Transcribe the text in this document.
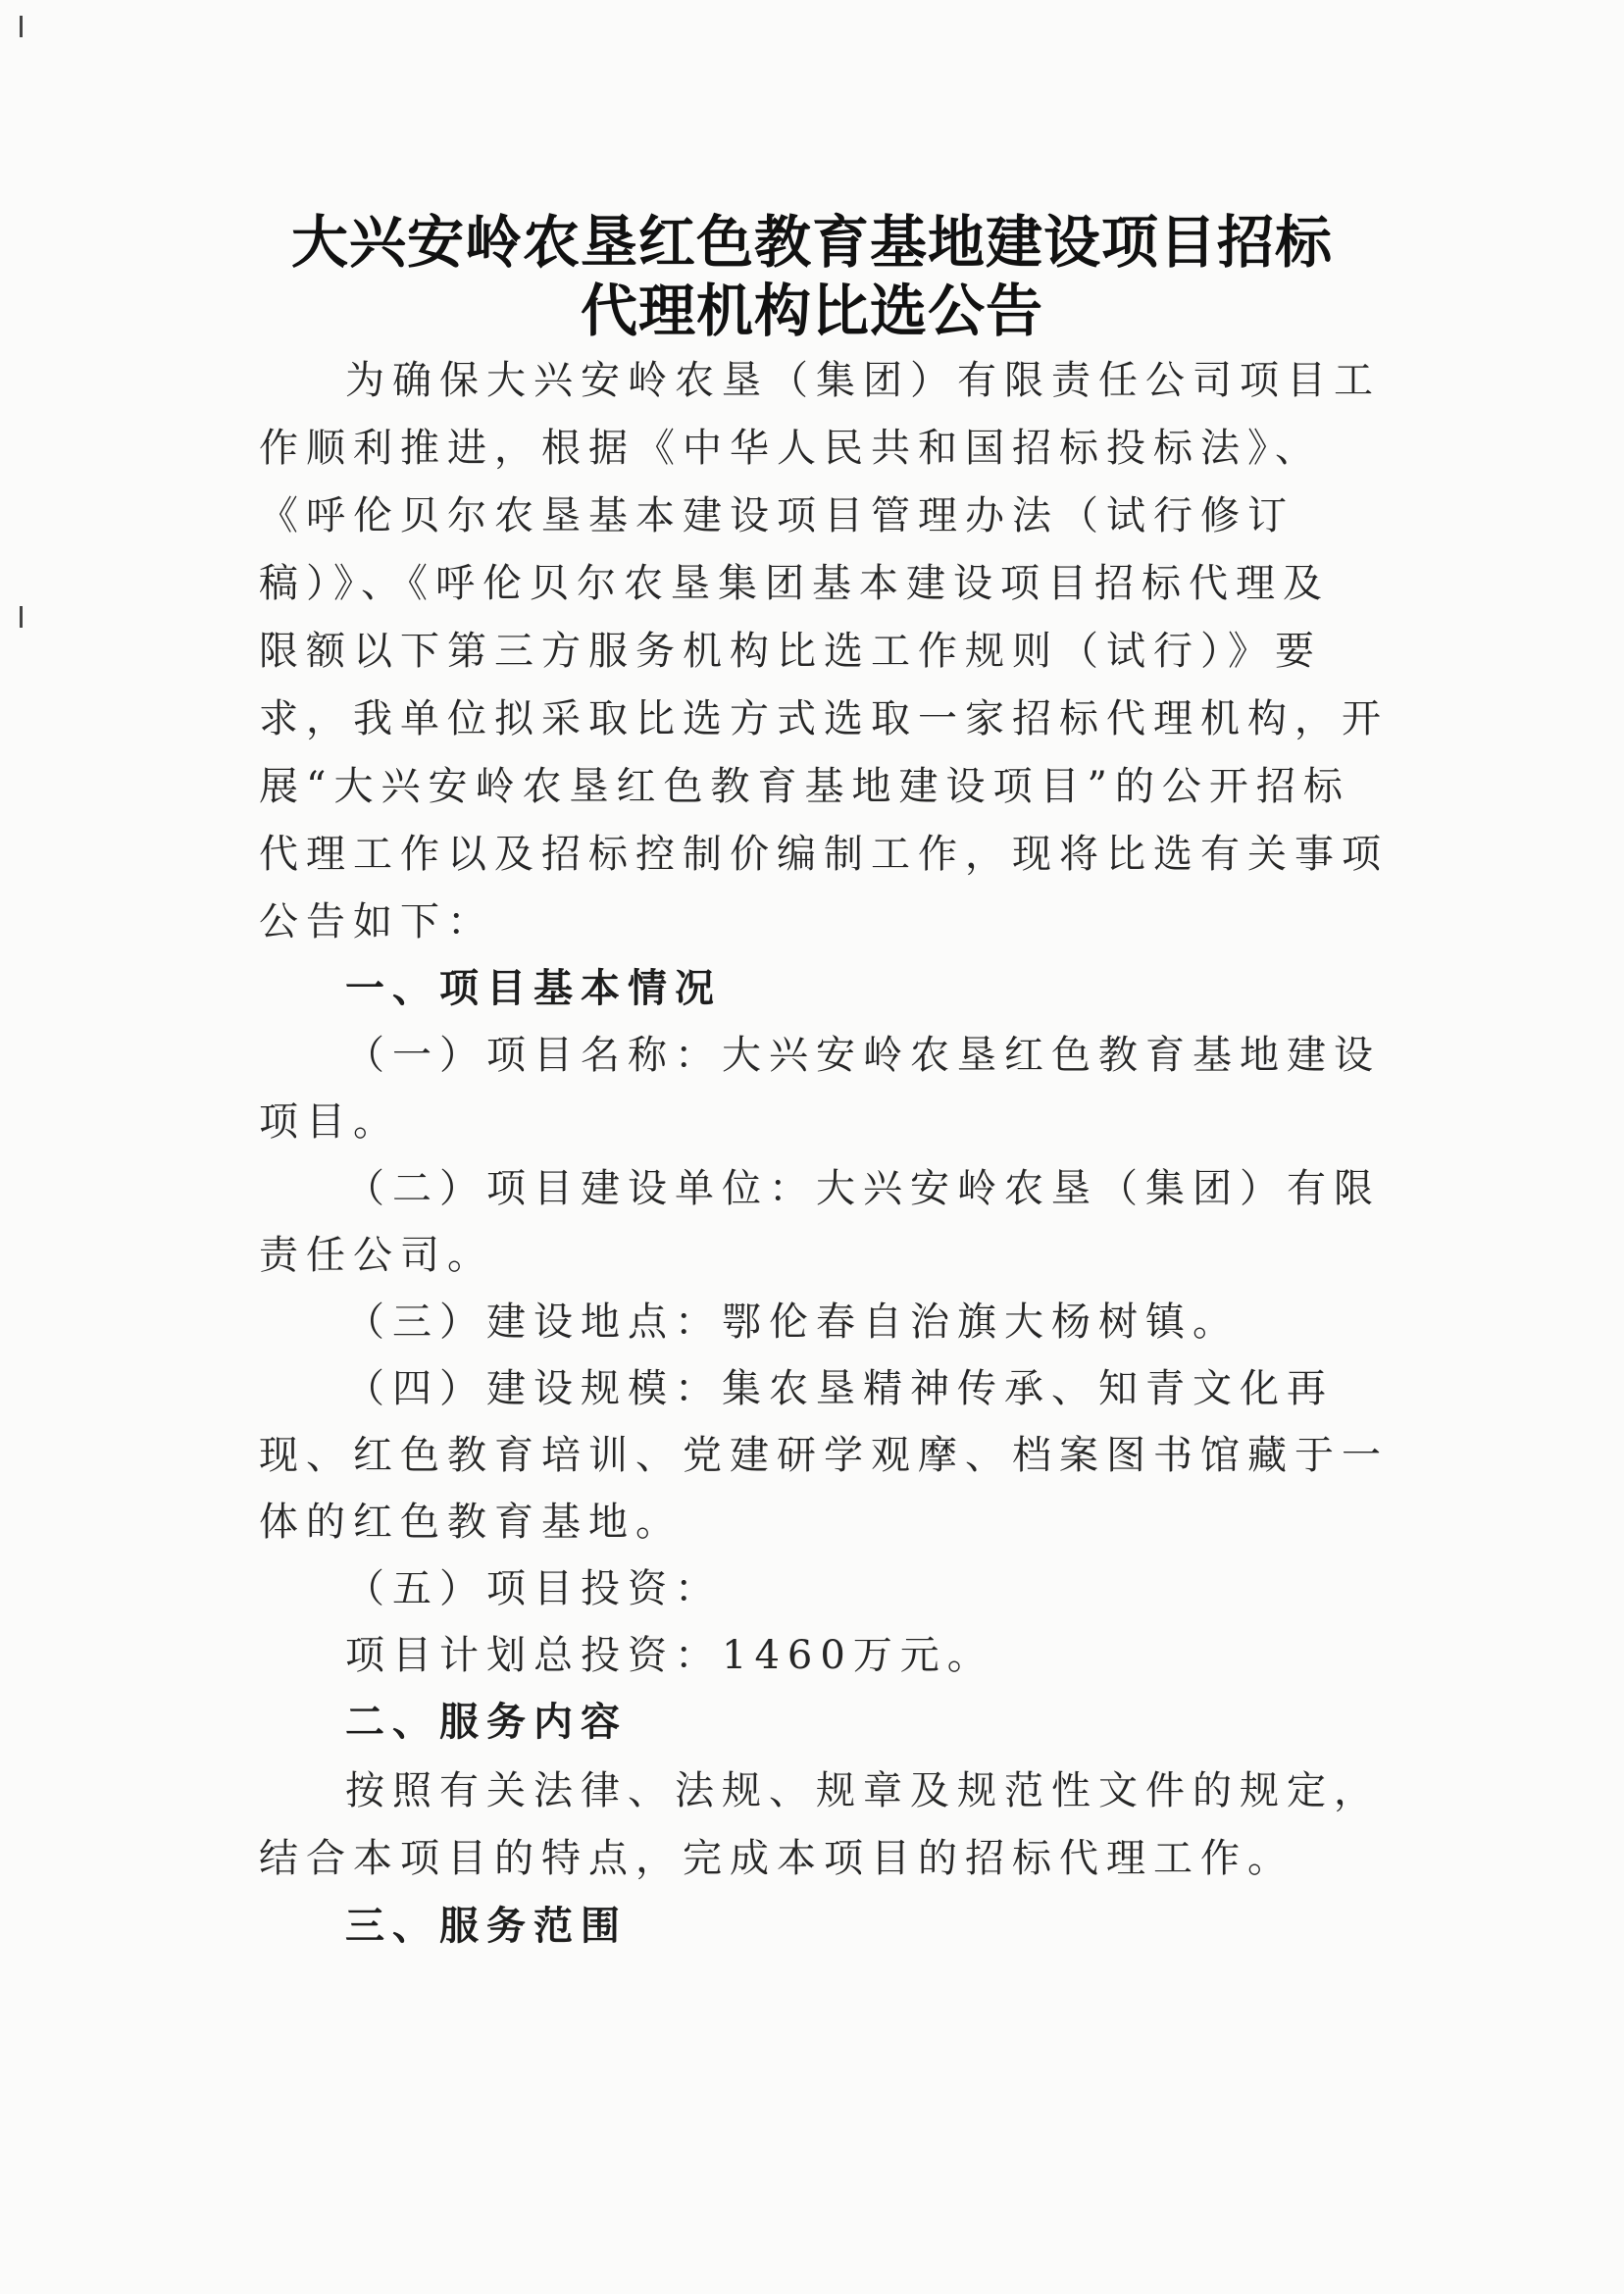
大兴安岭农垦红色教育基地建设项目招标
代理机构比选公告
为确保大兴安岭农垦（集团）有限责任公司项目工
作顺利推进，根据《中华人民共和国招标投标法》、
《呼伦贝尔农垦基本建设项目管理办法（试行修订
稿）》、《呼伦贝尔农垦集团基本建设项目招标代理及
限额以下第三方服务机构比选工作规则（试行）》要
求，我单位拟采取比选方式选取一家招标代理机构，开
展“大兴安岭农垦红色教育基地建设项目”的公开招标
代理工作以及招标控制价编制工作，现将比选有关事项
公告如下：
一、项目基本情况
（一）项目名称：大兴安岭农垦红色教育基地建设
项目。
（二）项目建设单位：大兴安岭农垦（集团）有限
责任公司。
（三）建设地点：鄂伦春自治旗大杨树镇。
（四）建设规模：集农垦精神传承、知青文化再
现、红色教育培训、党建研学观摩、档案图书馆藏于一
体的红色教育基地。
（五）项目投资：
项目计划总投资：1460万元。
二、服务内容
按照有关法律、法规、规章及规范性文件的规定，
结合本项目的特点，完成本项目的招标代理工作。
三、服务范围
